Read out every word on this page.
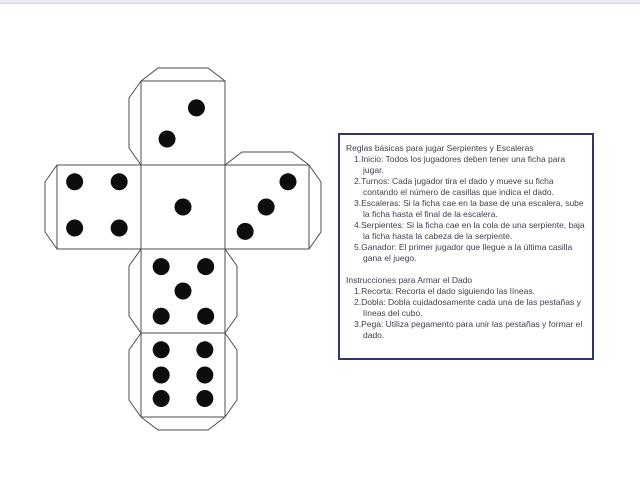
Reglas básicas para jugar Serpientes y Escaleras
1.Inicio: Todos los jugadores deben tener una ficha para jugar.
2.Turnos: Cada jugador tira el dado y mueve su ficha contando el número de casillas que indica el dado.
3.Escaleras: Si la ficha cae en la base de una escalera, sube la ficha hasta el final de la escalera.
4.Serpientes: Si la ficha cae en la cola de una serpiente, baja la ficha hasta la cabeza de la serpiente.
5.Ganador: El primer jugador que llegue a la última casilla gana el juego.
Instrucciones para Armar el Dado
1.Recorta: Recorta el dado siguiendo las líneas.
2.Dobla: Dobla cuidadosamente cada una de las pestañas y líneas del cubo.
3.Pega: Utiliza pegamento para unir las pestañas y formar el dado.
